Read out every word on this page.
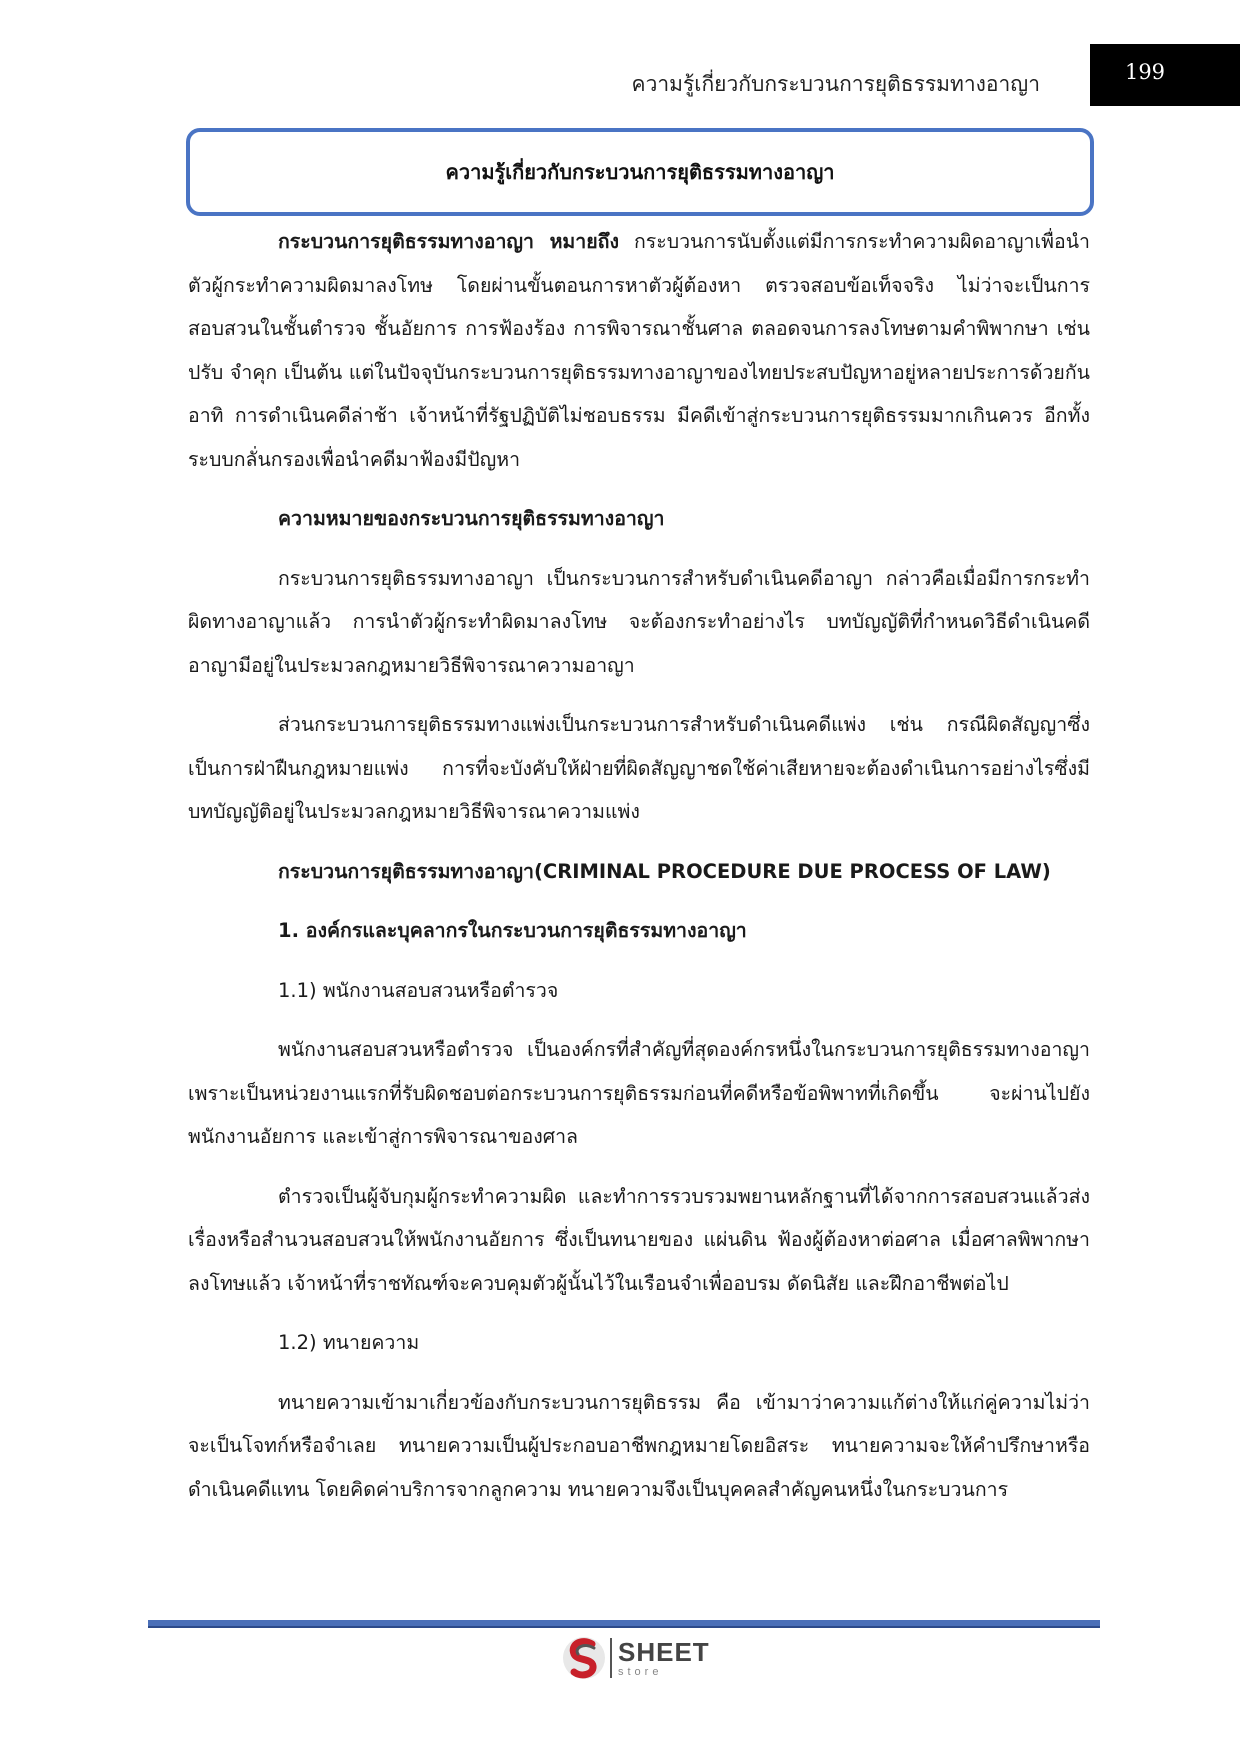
ความรู้เกี่ยวกับกระบวนการยุติธรรมทางอาญา	199
ความรู้เกี่ยวกับกระบวนการยุติธรรมทางอาญา

กระบวนการยุติธรรมทางอาญา หมายถึง กระบวนการนับตั้งแต่มีการกระทำความผิดอาญาเพื่อนำตัวผู้กระทำความผิดมาลงโทษ โดยผ่านขั้นตอนการหาตัวผู้ต้องหา ตรวจสอบข้อเท็จจริง ไม่ว่าจะเป็นการสอบสวนในชั้นตำรวจ ชั้นอัยการ การฟ้องร้อง การพิจารณาชั้นศาล ตลอดจนการลงโทษตามคำพิพากษา เช่น ปรับ จำคุก เป็นต้น แต่ในปัจจุบันกระบวนการยุติธรรมทางอาญาของไทยประสบปัญหาอยู่หลายประการด้วยกัน อาทิ การดำเนินคดีล่าช้า เจ้าหน้าที่รัฐปฏิบัติไม่ชอบธรรม มีคดีเข้าสู่กระบวนการยุติธรรมมากเกินควร อีกทั้งระบบกลั่นกรองเพื่อนำคดีมาฟ้องมีปัญหา

ความหมายของกระบวนการยุติธรรมทางอาญา

กระบวนการยุติธรรมทางอาญา เป็นกระบวนการสำหรับดำเนินคดีอาญา กล่าวคือเมื่อมีการกระทำผิดทางอาญาแล้ว การนำตัวผู้กระทำผิดมาลงโทษ จะต้องกระทำอย่างไร บทบัญญัติที่กำหนดวิธีดำเนินคดีอาญามีอยู่ในประมวลกฎหมายวิธีพิจารณาความอาญา

ส่วนกระบวนการยุติธรรมทางแพ่งเป็นกระบวนการสำหรับดำเนินคดีแพ่ง เช่น กรณีผิดสัญญาซึ่งเป็นการฝ่าฝืนกฎหมายแพ่ง การที่จะบังคับให้ฝ่ายที่ผิดสัญญาชดใช้ค่าเสียหายจะต้องดำเนินการอย่างไรซึ่งมีบทบัญญัติอยู่ในประมวลกฎหมายวิธีพิจารณาความแพ่ง

กระบวนการยุติธรรมทางอาญา(CRIMINAL PROCEDURE DUE PROCESS OF LAW)

1. องค์กรและบุคลากรในกระบวนการยุติธรรมทางอาญา

1.1) พนักงานสอบสวนหรือตำรวจ

พนักงานสอบสวนหรือตำรวจ เป็นองค์กรที่สำคัญที่สุดองค์กรหนึ่งในกระบวนการยุติธรรมทางอาญา เพราะเป็นหน่วยงานแรกที่รับผิดชอบต่อกระบวนการยุติธรรมก่อนที่คดีหรือข้อพิพาทที่เกิดขึ้น จะผ่านไปยังพนักงานอัยการ และเข้าสู่การพิจารณาของศาล

ตำรวจเป็นผู้จับกุมผู้กระทำความผิด และทำการรวบรวมพยานหลักฐานที่ได้จากการสอบสวนแล้วส่งเรื่องหรือสำนวนสอบสวนให้พนักงานอัยการ ซึ่งเป็นทนายของ แผ่นดิน ฟ้องผู้ต้องหาต่อศาล เมื่อศาลพิพากษาลงโทษแล้ว เจ้าหน้าที่ราชทัณฑ์จะควบคุมตัวผู้นั้นไว้ในเรือนจำเพื่ออบรม ดัดนิสัย และฝึกอาชีพต่อไป

1.2) ทนายความ

ทนายความเข้ามาเกี่ยวข้องกับกระบวนการยุติธรรม คือ เข้ามาว่าความแก้ต่างให้แก่คู่ความไม่ว่าจะเป็นโจทก์หรือจำเลย ทนายความเป็นผู้ประกอบอาชีพกฎหมายโดยอิสระ ทนายความจะให้คำปรึกษาหรือดำเนินคดีแทน โดยคิดค่าบริการจากลูกความ ทนายความจึงเป็นบุคคลสำคัญคนหนึ่งในกระบวนการ

SHEET
store
